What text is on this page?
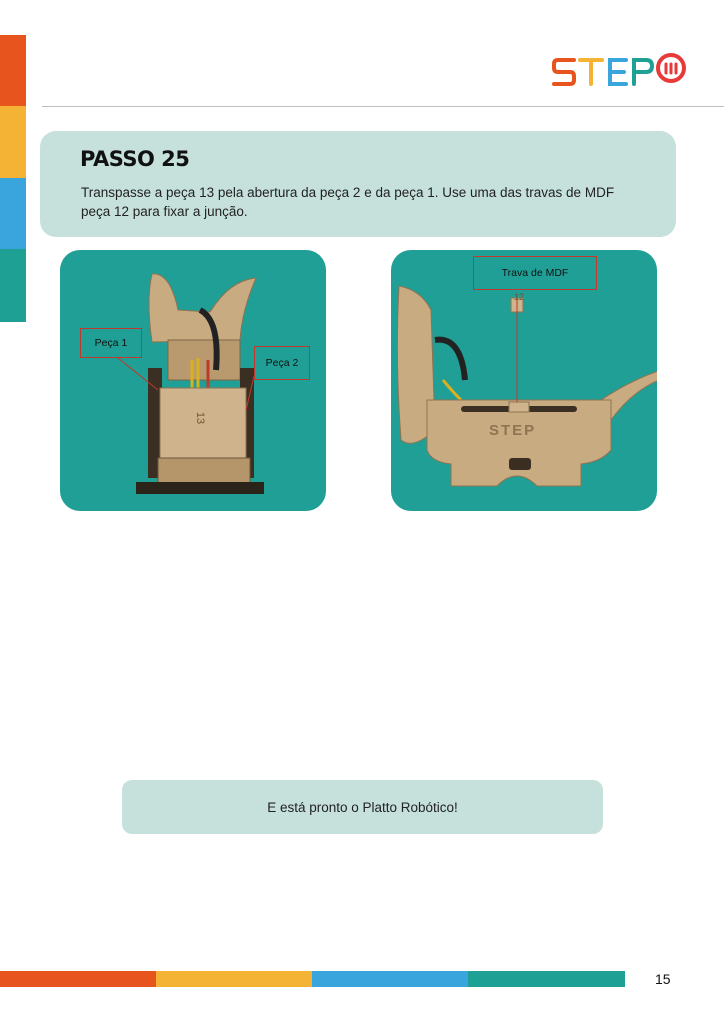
PASSO 25
Transpasse a peça 13 pela abertura da peça 2 e da peça 1. Use uma das travas de MDF peça 12 para fixar a junção.
Peça 1
Peça 2
13
Trava de MDF
12
STEP
E está pronto o Platto Robótico!
15
